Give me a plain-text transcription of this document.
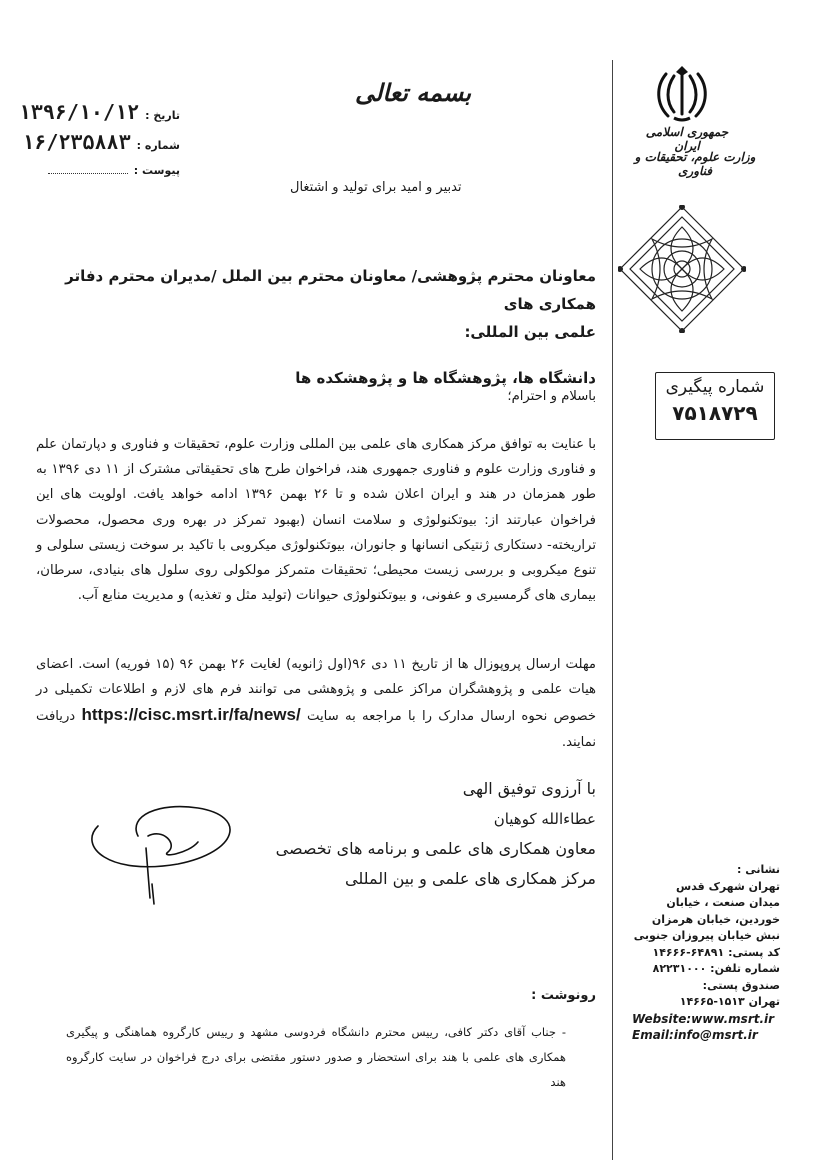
بسمه تعالی
تاریخ :
۱۳۹۶/۱۰/۱۲
شماره :
۱۶/۲۳۵۸۸۳
پیوست :
تدبیر و امید برای تولید و اشتغال
جمهوری اسلامی ایران
وزارت علوم، تحقیقات و فناوری
شماره پیگیری
۷۵۱۸۷۲۹
معاونان محترم پژوهشی/ معاونان محترم بین الملل /مدیران محترم دفاتر همکاری های
علمی بین المللی:
دانشگاه ها، پژوهشگاه ها و پژوهشکده ها
باسلام و احترام؛
با عنایت به توافق مرکز همکاری های علمی بین المللی وزارت علوم، تحقیقات و فناوری و دپارتمان علم و فناوری وزارت علوم و فناوری جمهوری هند، فراخوان طرح های تحقیقاتی مشترک از ۱۱ دی ۱۳۹۶ به طور همزمان در هند و ایران اعلان شده و تا ۲۶ بهمن ۱۳۹۶ ادامه خواهد یافت. اولویت های این فراخوان عبارتند از: بیوتکنولوژی و سلامت انسان (بهبود تمرکز در بهره وری محصول، محصولات تراریخته- دستکاری ژنتیکی انسانها و جانوران، بیوتکنولوژی میکروبی با تاکید بر سوخت زیستی سلولی و تنوع میکروبی و بررسی زیست محیطی؛ تحقیقات متمرکز مولکولی روی سلول های بنیادی، سرطان، بیماری های گرمسیری و عفونی، و بیوتکنولوژی حیوانات (تولید مثل و تغذیه) و مدیریت منابع آب.
مهلت ارسال پروپوزال ها از تاریخ ۱۱ دی ۹۶(اول ژانویه) لغایت ۲۶ بهمن ۹۶ (۱۵ فوریه) است. اعضای هیات علمی و پژوهشگران مراکز علمی و پژوهشی می توانند فرم های لازم و اطلاعات تکمیلی در خصوص نحوه ارسال مدارک را با مراجعه به سایت https://cisc.msrt.ir/fa/news/ دریافت نمایند.
با آرزوی توفیق الهی
عطاءالله کوهیان
معاون همکاری های علمی و برنامه های تخصصی
مرکز همکاری های علمی و بین المللی	نشانی :
تهران شهرک قدس
میدان صنعت ، خیابان
خوردین، خیابان هرمزان
نبش خیابان پیروزان جنوبی
کد پستی: ۶۴۸۹۱-۱۴۶۶۶
شماره تلفن: ۸۲۲۳۱۰۰۰
صندوق پستی:
تهران ۱۵۱۳-۱۴۶۶۵
Website:www.msrt.ir
Email:info@msrt.ir
رونوشت :
- جناب آقای دکتر کافی، رییس محترم دانشگاه فردوسی مشهد و رییس کارگروه هماهنگی و پیگیری همکاری های علمی با هند برای استحضار و صدور دستور مقتضی برای درج فراخوان در سایت کارگروه هند
